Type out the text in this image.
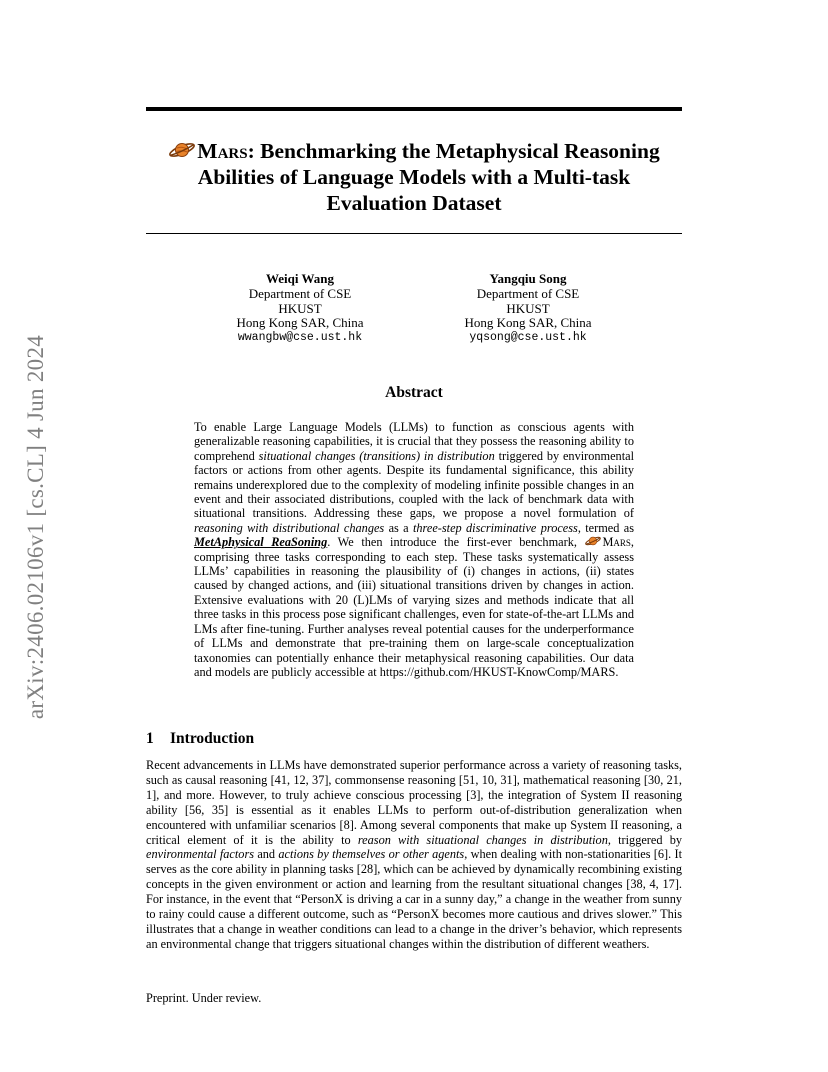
arXiv:2406.02106v1 [cs.CL] 4 Jun 2024
Mars: Benchmarking the Metaphysical Reasoning Abilities of Language Models with a Multi-task Evaluation Dataset
Weiqi Wang
Department of CSE
HKUST
Hong Kong SAR, China
wwangbw@cse.ust.hk
Yangqiu Song
Department of CSE
HKUST
Hong Kong SAR, China
yqsong@cse.ust.hk
Abstract
To enable Large Language Models (LLMs) to function as conscious agents with generalizable reasoning capabilities, it is crucial that they possess the reasoning ability to comprehend situational changes (transitions) in distribution triggered by environmental factors or actions from other agents. Despite its fundamental significance, this ability remains underexplored due to the complexity of modeling infinite possible changes in an event and their associated distributions, coupled with the lack of benchmark data with situational transitions. Addressing these gaps, we propose a novel formulation of reasoning with distributional changes as a three-step discriminative process, termed as MetAphysical ReaSoning. We then introduce the first-ever benchmark, Mars, comprising three tasks corresponding to each step. These tasks systematically assess LLMs’ capabilities in reasoning the plausibility of (i) changes in actions, (ii) states caused by changed actions, and (iii) situational transitions driven by changes in action. Extensive evaluations with 20 (L)LMs of varying sizes and methods indicate that all three tasks in this process pose significant challenges, even for state-of-the-art LLMs and LMs after fine-tuning. Further analyses reveal potential causes for the underperformance of LLMs and demonstrate that pre-training them on large-scale conceptualization taxonomies can potentially enhance their metaphysical reasoning capabilities. Our data and models are publicly accessible at https://github.com/HKUST-KnowComp/MARS.
1 Introduction
Recent advancements in LLMs have demonstrated superior performance across a variety of reasoning tasks, such as causal reasoning [41, 12, 37], commonsense reasoning [51, 10, 31], mathematical reasoning [30, 21, 1], and more. However, to truly achieve conscious processing [3], the integration of System II reasoning ability [56, 35] is essential as it enables LLMs to perform out-of-distribution generalization when encountered with unfamiliar scenarios [8]. Among several components that make up System II reasoning, a critical element of it is the ability to reason with situational changes in distribution, triggered by environmental factors and actions by themselves or other agents, when dealing with non-stationarities [6]. It serves as the core ability in planning tasks [28], which can be achieved by dynamically recombining existing concepts in the given environment or action and learning from the resultant situational changes [38, 4, 17]. For instance, in the event that “PersonX is driving a car in a sunny day,” a change in the weather from sunny to rainy could cause a different outcome, such as “PersonX becomes more cautious and drives slower.” This illustrates that a change in weather conditions can lead to a change in the driver’s behavior, which represents an environmental change that triggers situational changes within the distribution of different weathers.
Preprint. Under review.
